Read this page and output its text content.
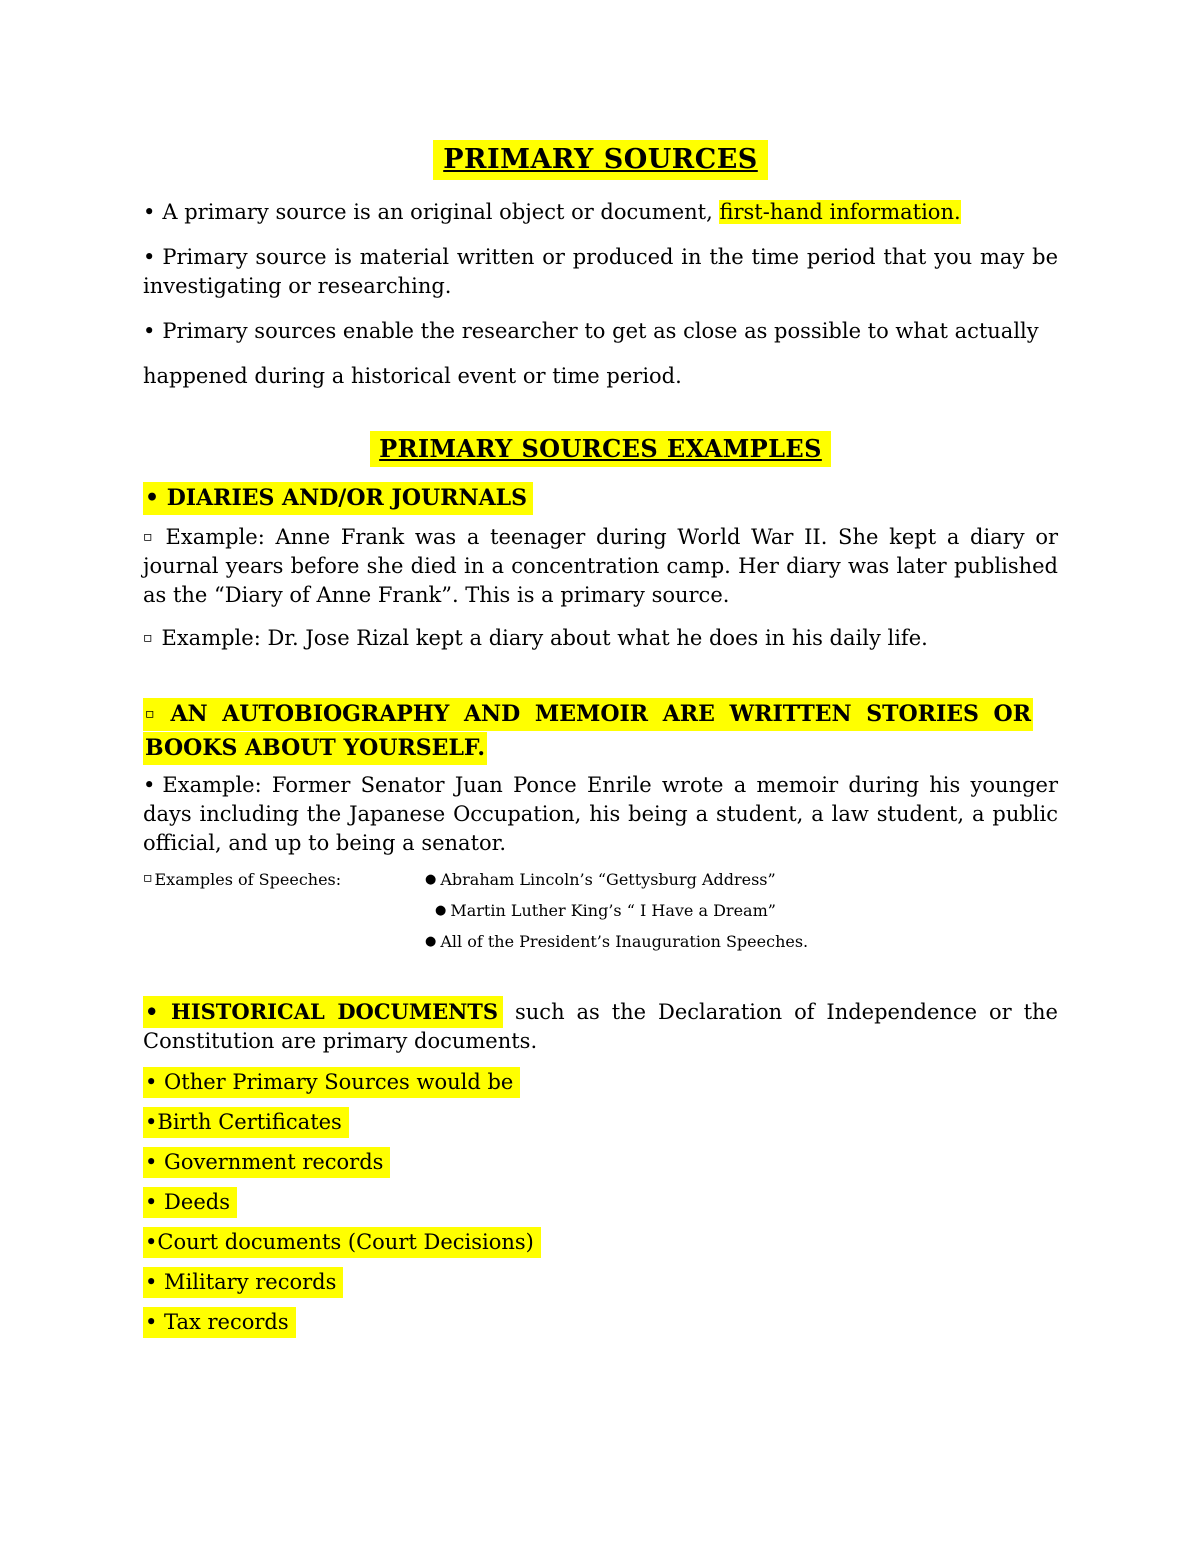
PRIMARY SOURCES

• A primary source is an original object or document, first-hand information.

• Primary source is material written or produced in the time period that you may be investigating or researching.

• Primary sources enable the researcher to get as close as possible to what actually

happened during a historical event or time period.

PRIMARY SOURCES EXAMPLES

• DIARIES AND/OR JOURNALS

▫ Example: Anne Frank was a teenager during World War II. She kept a diary or journal years before she died in a concentration camp. Her diary was later published as the “Diary of Anne Frank”. This is a primary source.

▫ Example: Dr. Jose Rizal kept a diary about what he does in his daily life.

▫ AN AUTOBIOGRAPHY AND MEMOIR ARE WRITTEN STORIES OR BOOKS ABOUT YOURSELF.

• Example: Former Senator Juan Ponce Enrile wrote a memoir during his younger days including the Japanese Occupation, his being a student, a law student, a public official, and up to being a senator.

▫ Examples of Speeches:	● Abraham Lincoln’s “Gettysburg Address”
● Martin Luther King’s “ I Have a Dream”
● All of the President’s Inauguration Speeches.

• HISTORICAL DOCUMENTS such as the Declaration of Independence or the Constitution are primary documents.

• Other Primary Sources would be
•Birth Certificates
• Government records
• Deeds
•Court documents (Court Decisions)
• Military records
• Tax records
